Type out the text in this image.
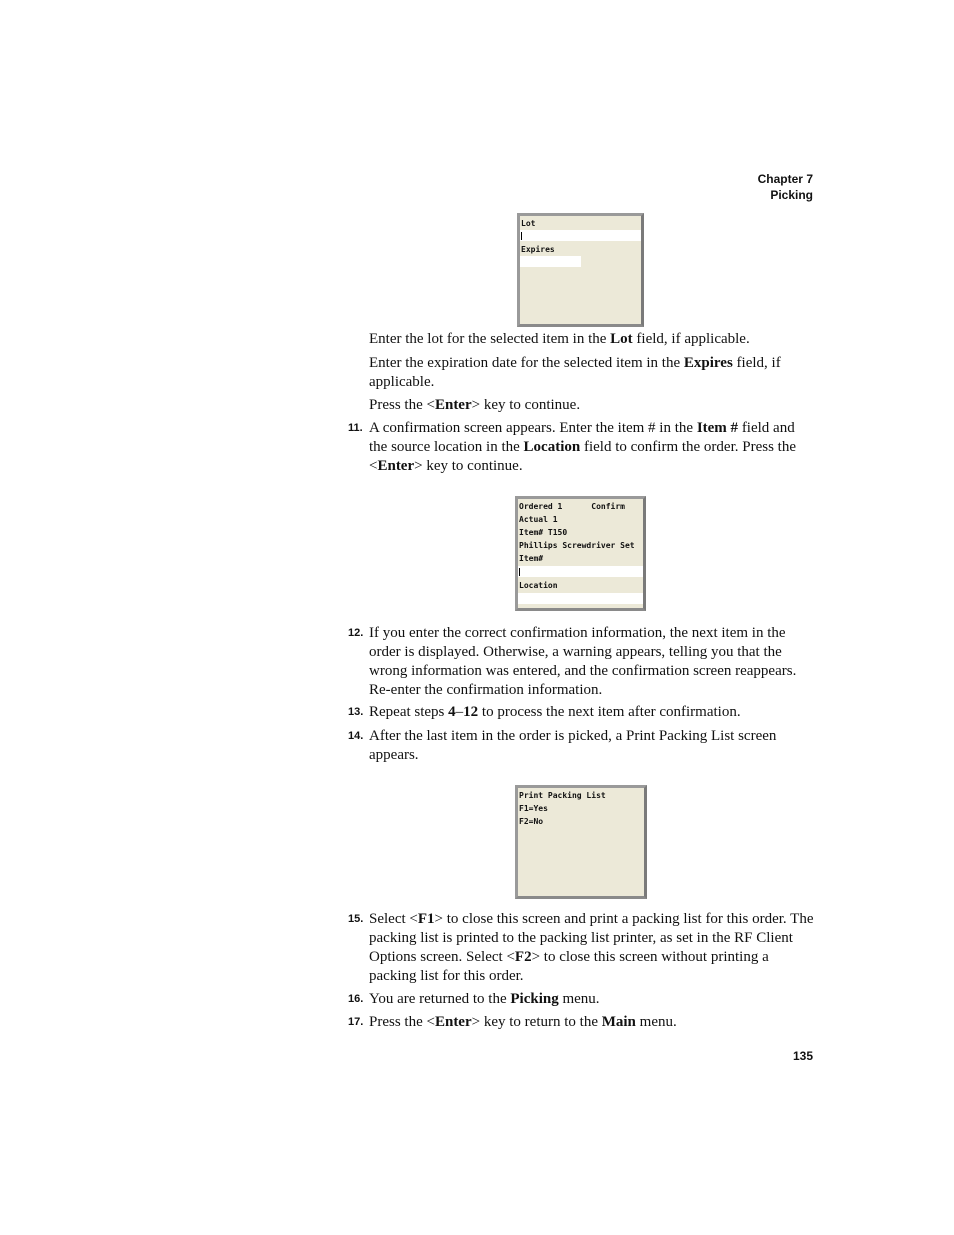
Chapter 7
Picking
Lot
Expires
Enter the lot for the selected item in the Lot field, if applicable.
Enter the expiration date for the selected item in the Expires field, if applicable.
Press the <Enter> key to continue.
11. A confirmation screen appears. Enter the item # in the Item # field and the source location in the Location field to confirm the order. Press the <Enter> key to continue.
Ordered 1      Confirm
Actual 1
Item# T150
Phillips Screwdriver Set
Item#
Location
12. If you enter the correct confirmation information, the next item in the order is displayed. Otherwise, a warning appears, telling you that the wrong information was entered, and the confirmation screen reappears. Re-enter the confirmation information.
13. Repeat steps 4–12 to process the next item after confirmation.
14. After the last item in the order is picked, a Print Packing List screen appears.
Print Packing List
F1=Yes
F2=No
15. Select <F1> to close this screen and print a packing list for this order. The packing list is printed to the packing list printer, as set in the RF Client Options screen. Select <F2> to close this screen without printing a packing list for this order.
16. You are returned to the Picking menu.
17. Press the <Enter> key to return to the Main menu.
135
